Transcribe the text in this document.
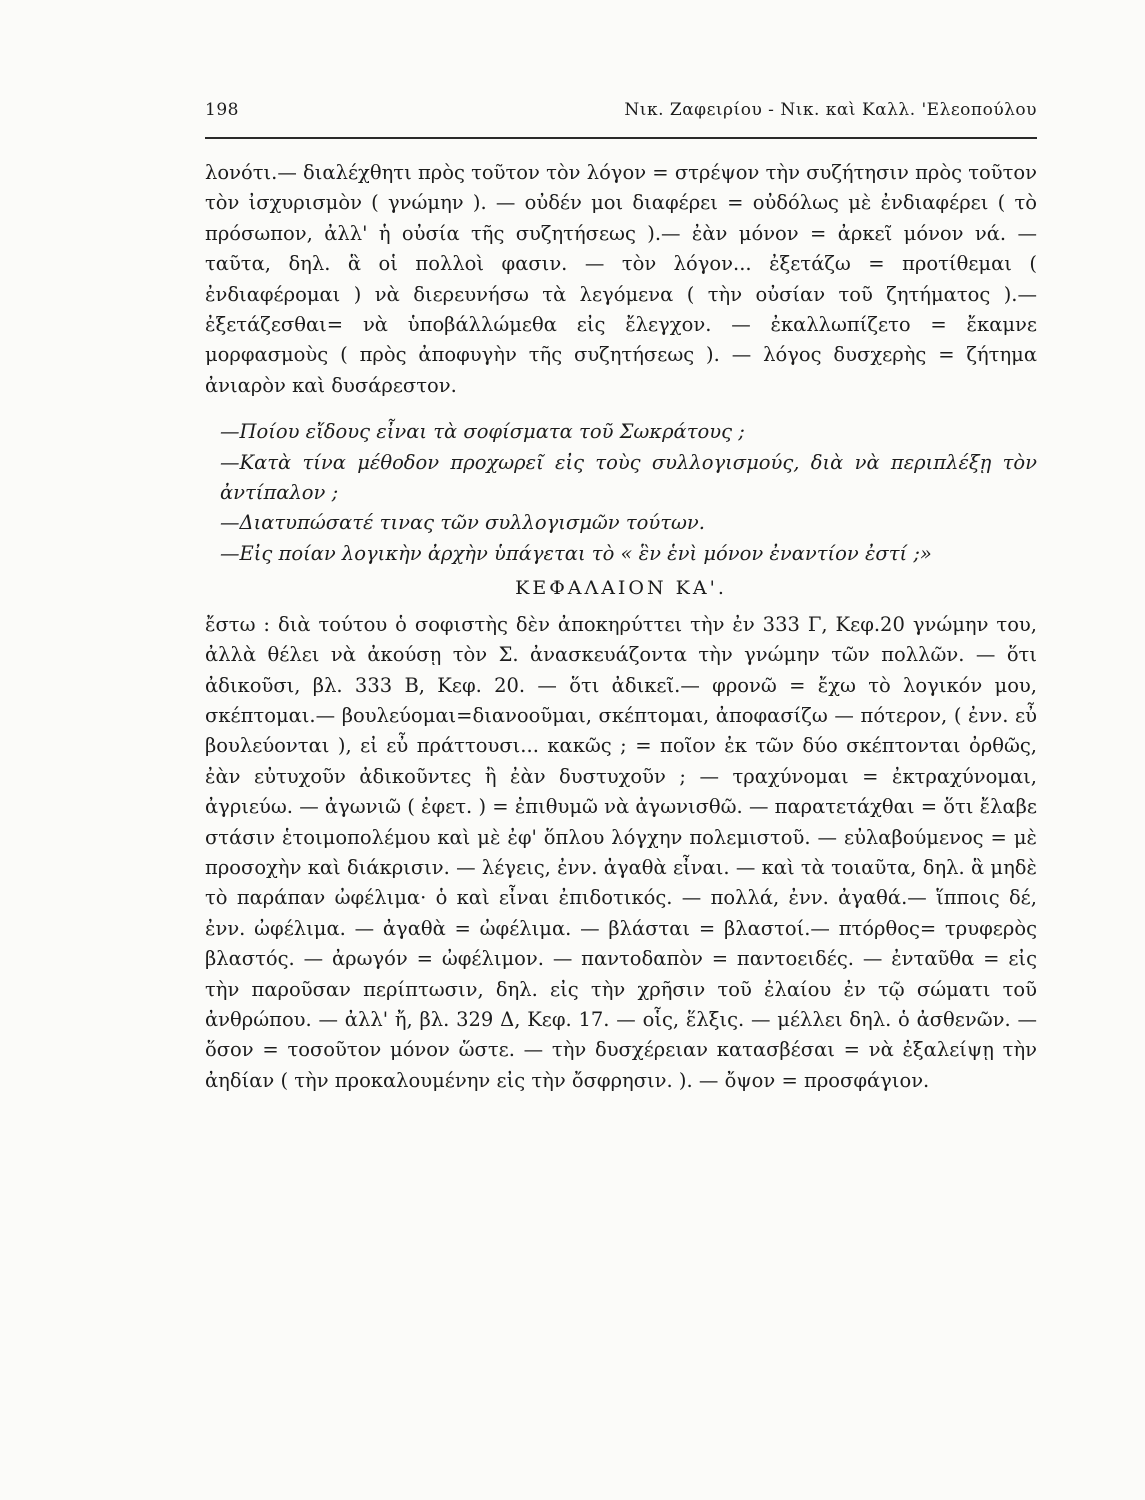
198	Νικ. Ζαφειρίου - Νικ. καὶ Καλλ. 'Ελεοπούλου

λονότι.— διαλέχθητι πρὸς τοῦτον τὸν λόγον = στρέψον τὴν συζήτησιν πρὸς τοῦτον τὸν ἰσχυρισμὸν ( γνώμην ). — οὐδέν μοι διαφέρει = οὐδόλως μὲ ἐνδιαφέρει ( τὸ πρόσωπον, ἀλλ' ἡ οὐσία τῆς συζητήσεως ).— ἐὰν μόνον = ἀρκεῖ μόνον νά. — ταῦτα, δηλ. ἃ οἱ πολλοὶ φασιν. — τὸν λόγον... ἐξετάζω = προτίθεμαι ( ἐνδιαφέρομαι ) νὰ διερευνήσω τὰ λεγόμενα ( τὴν οὐσίαν τοῦ ζητήματος ).— ἐξετάζεσθαι= νὰ ὑποβάλλώμεθα εἰς ἔλεγχον. — ἐκαλλωπίζετο = ἔκαμνε μορφασμοὺς ( πρὸς ἀποφυγὴν τῆς συζητήσεως ). — λόγος δυσχερὴς = ζήτημα ἀνιαρὸν καὶ δυσάρεστον.

—Ποίου εἴδους εἶναι τὰ σοφίσματα τοῦ Σωκράτους ;

—Κατὰ τίνα μέθοδον προχωρεῖ εἰς τοὺς συλλογισμούς, διὰ νὰ περιπλέξῃ τὸν ἀντίπαλον ;

—Διατυπώσατέ τινας τῶν συλλογισμῶν τούτων.

—Εἰς ποίαν λογικὴν ἀρχὴν ὑπάγεται τὸ « ἓν ἑνὶ μόνον ἐναντίον ἐστί ;»

ΚΕΦΑΛΑΙΟΝ ΚΑ'.

ἔστω : διὰ τούτου ὁ σοφιστὴς δὲν ἀποκηρύττει τὴν ἐν 333 Γ, Κεφ.20 γνώμην του, ἀλλὰ θέλει νὰ ἀκούσῃ τὸν Σ. ἀνασκευάζοντα τὴν γνώμην τῶν πολλῶν. — ὅτι ἀδικοῦσι, βλ. 333 Β, Κεφ. 20. — ὅτι ἀδικεῖ.— φρονῶ = ἔχω τὸ λογικόν μου, σκέπτομαι.— βουλεύομαι=διανοοῦμαι, σκέπτομαι, ἀποφασίζω — πότερον, ( ἐνν. εὖ βουλεύονται ), εἰ εὖ πράττουσι... κακῶς ; = ποῖον ἐκ τῶν δύο σκέπτονται ὀρθῶς, ἐὰν εὐτυχοῦν ἀδικοῦντες ἢ ἐὰν δυστυχοῦν ; — τραχύνομαι = ἐκτραχύνομαι, ἀγριεύω. — ἀγωνιῶ ( ἐφετ. ) = ἐπιθυμῶ νὰ ἀγωνισθῶ. — παρατετάχθαι = ὅτι ἔλαβε στάσιν ἑτοιμοπολέμου καὶ μὲ ἐφ' ὅπλου λόγχην πολεμιστοῦ. — εὐλαβούμενος = μὲ προσοχὴν καὶ διάκρισιν. — λέγεις, ἐνν. ἀγαθὰ εἶναι. — καὶ τὰ τοιαῦτα, δηλ. ἃ μηδὲ τὸ παράπαν ὠφέλιμα· ὁ καὶ εἶναι ἐπιδοτικός. — πολλά, ἐνν. ἀγαθά.— ἵπποις δέ, ἐνν. ὠφέλιμα. — ἀγαθὰ = ὠφέλιμα. — βλάσται = βλαστοί.— πτόρθος= τρυφερὸς βλαστός. — ἀρωγόν = ὠφέλιμον. — παντοδαπὸν = παντοειδές. — ἐνταῦθα = εἰς τὴν παροῦσαν περίπτωσιν, δηλ. εἰς τὴν χρῆσιν τοῦ ἐλαίου ἐν τῷ σώματι τοῦ ἀνθρώπου. — ἀλλ' ἤ, βλ. 329 Δ, Κεφ. 17. — οἷς, ἕλξις. — μέλλει δηλ. ὁ ἀσθενῶν. — ὅσον = τοσοῦτον μόνον ὥστε. — τὴν δυσχέρειαν κατασβέσαι = νὰ ἐξαλείψῃ τὴν ἀηδίαν ( τὴν προκαλουμένην εἰς τὴν ὄσφρησιν. ). — ὄψον = προσφάγιον.
